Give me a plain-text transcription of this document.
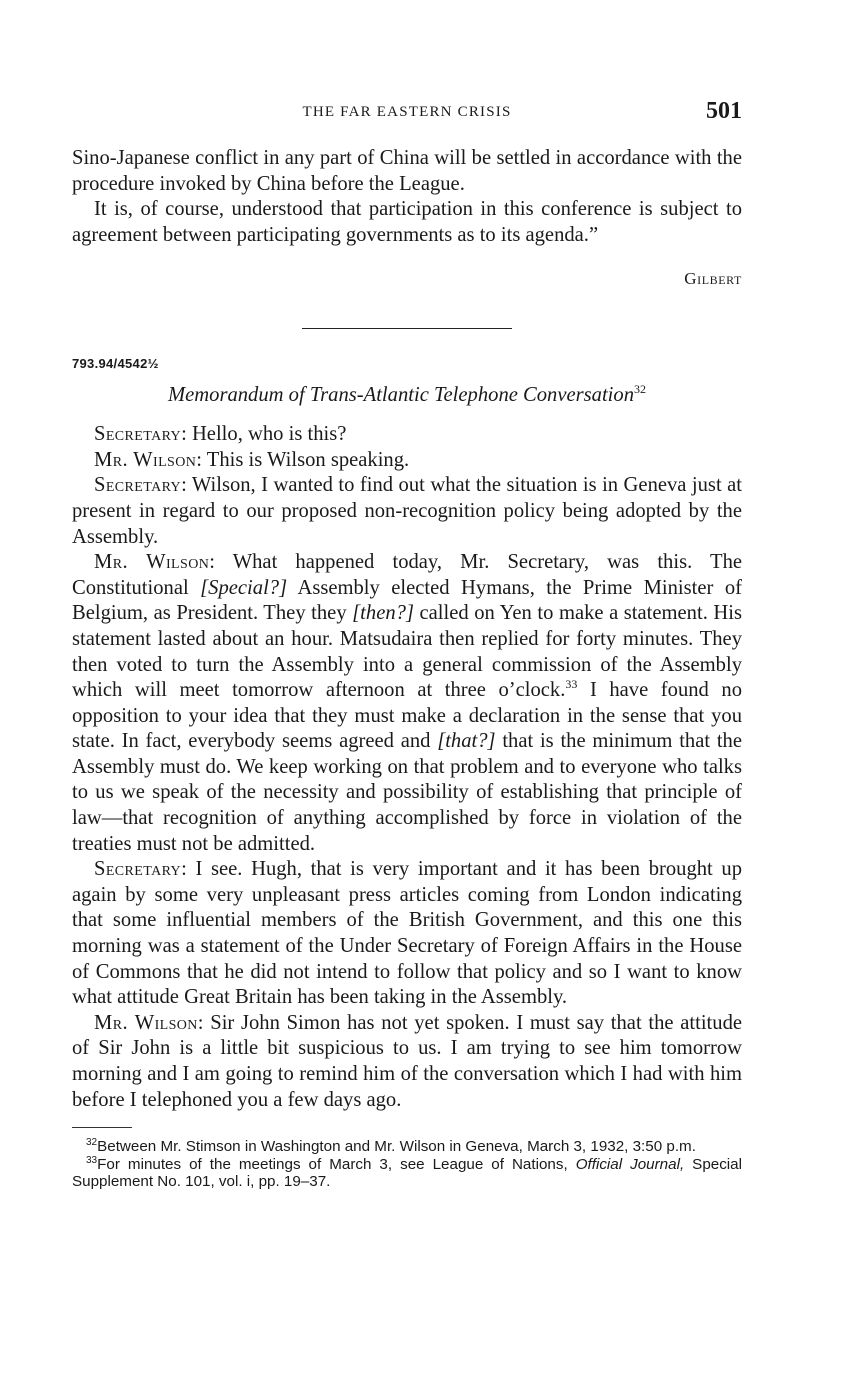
THE FAR EASTERN CRISIS	501

Sino-Japanese conflict in any part of China will be settled in accordance with the procedure invoked by China before the League.

It is, of course, understood that participation in this conference is subject to agreement between participating governments as to its agenda.”

Gilbert

793.94/4542½

Memorandum of Trans-Atlantic Telephone Conversation$^{32}$

Secretary: Hello, who is this?

Mr. Wilson: This is Wilson speaking.

Secretary: Wilson, I wanted to find out what the situation is in Geneva just at present in regard to our proposed non-recognition policy being adopted by the Assembly.

Mr. Wilson: What happened today, Mr. Secretary, was this. The Constitutional [Special?] Assembly elected Hymans, the Prime Minister of Belgium, as President. They they [then?] called on Yen to make a statement. His statement lasted about an hour. Matsudaira then replied for forty minutes. They then voted to turn the Assembly into a general commission of the Assembly which will meet tomorrow afternoon at three o’clock.$^{33}$ I have found no opposition to your idea that they must make a declaration in the sense that you state. In fact, everybody seems agreed and [that?] that is the minimum that the Assembly must do. We keep working on that problem and to everyone who talks to us we speak of the necessity and possibility of establishing that principle of law—that recognition of anything accomplished by force in violation of the treaties must not be admitted.

Secretary: I see. Hugh, that is very important and it has been brought up again by some very unpleasant press articles coming from London indicating that some influential members of the British Government, and this one this morning was a statement of the Under Secretary of Foreign Affairs in the House of Commons that he did not intend to follow that policy and so I want to know what attitude Great Britain has been taking in the Assembly.

Mr. Wilson: Sir John Simon has not yet spoken. I must say that the attitude of Sir John is a little bit suspicious to us. I am trying to see him tomorrow morning and I am going to remind him of the conversation which I had with him before I telephoned you a few days ago.

$^{32}$Between Mr. Stimson in Washington and Mr. Wilson in Geneva, March 3, 1932, 3:50 p.m.

$^{33}$For minutes of the meetings of March 3, see League of Nations, Official Journal, Special Supplement No. 101, vol. i, pp. 19–37.
